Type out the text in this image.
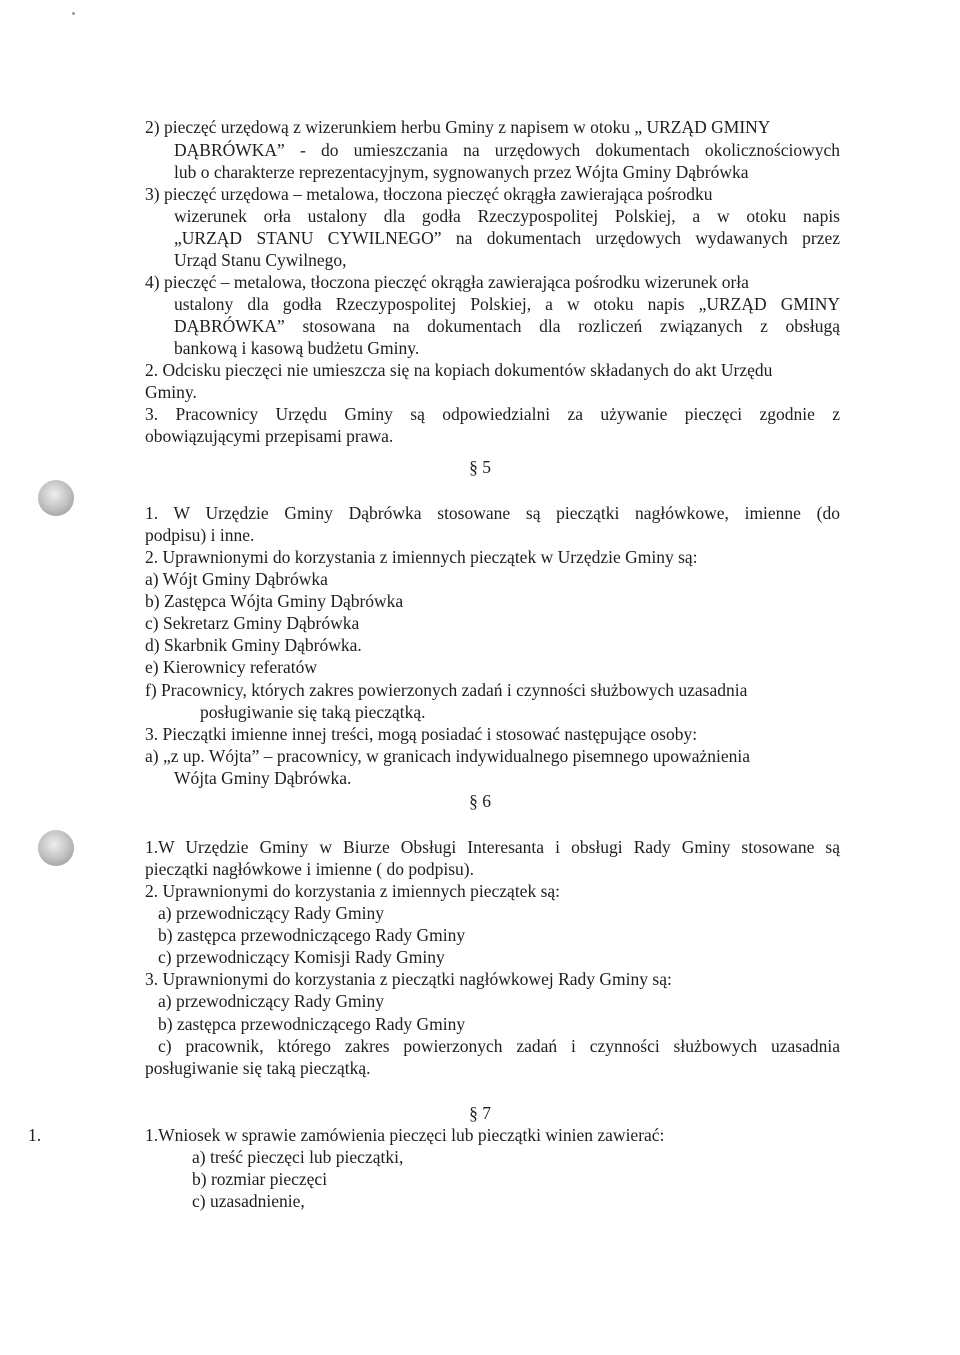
2) pieczęć urzędową z wizerunkiem herbu Gminy z napisem w otoku „ URZĄD GMINY
DĄBRÓWKA” - do umieszczania na urzędowych dokumentach okolicznościowych
lub o charakterze reprezentacyjnym, sygnowanych przez Wójta Gminy Dąbrówka
3) pieczęć urzędowa – metalowa, tłoczona pieczęć okrągła zawierająca pośrodku
wizerunek orła ustalony dla godła Rzeczypospolitej Polskiej, a w otoku napis
„URZĄD STANU CYWILNEGO” na dokumentach urzędowych wydawanych przez
Urząd Stanu Cywilnego,
4) pieczęć – metalowa, tłoczona pieczęć okrągła zawierająca pośrodku wizerunek orła
ustalony dla godła Rzeczypospolitej Polskiej, a w otoku napis „URZĄD GMINY
DĄBRÓWKA” stosowana na dokumentach dla rozliczeń związanych z obsługą
bankową i kasową budżetu Gminy.
2. Odcisku pieczęci nie umieszcza się na kopiach dokumentów składanych do akt Urzędu
Gminy.
3. Pracownicy Urzędu Gminy są odpowiedzialni za używanie pieczęci zgodnie z
obowiązującymi przepisami prawa.
§ 5
1. W Urzędzie Gminy Dąbrówka stosowane są pieczątki nagłówkowe, imienne (do
podpisu) i inne.
2. Uprawnionymi do korzystania z imiennych pieczątek w Urzędzie Gminy są:
a) Wójt Gminy Dąbrówka
b) Zastępca Wójta Gminy Dąbrówka
c) Sekretarz Gminy Dąbrówka
d) Skarbnik Gminy Dąbrówka.
e) Kierownicy referatów
f) Pracownicy, których zakres powierzonych zadań i czynności służbowych uzasadnia
posługiwanie się taką pieczątką.
3. Pieczątki imienne innej treści, mogą posiadać i stosować następujące osoby:
a) „z up. Wójta” – pracownicy, w granicach indywidualnego pisemnego upoważnienia
Wójta Gminy Dąbrówka.
§ 6
1.W Urzędzie Gminy w Biurze Obsługi Interesanta i obsługi Rady Gminy stosowane są
pieczątki nagłówkowe i imienne ( do podpisu).
2. Uprawnionymi do korzystania z imiennych pieczątek są:
a) przewodniczący Rady Gminy
b) zastępca przewodniczącego Rady Gminy
c) przewodniczący Komisji Rady Gminy
3. Uprawnionymi do korzystania z pieczątki nagłówkowej Rady Gminy są:
a) przewodniczący Rady Gminy
b) zastępca przewodniczącego Rady Gminy
c) pracownik, którego zakres powierzonych zadań i czynności służbowych uzasadnia
posługiwanie się taką pieczątką.
§ 7
1.	1.Wniosek w sprawie zamówienia pieczęci lub pieczątki winien zawierać:
a) treść pieczęci lub pieczątki,
b) rozmiar pieczęci
c) uzasadnienie,
